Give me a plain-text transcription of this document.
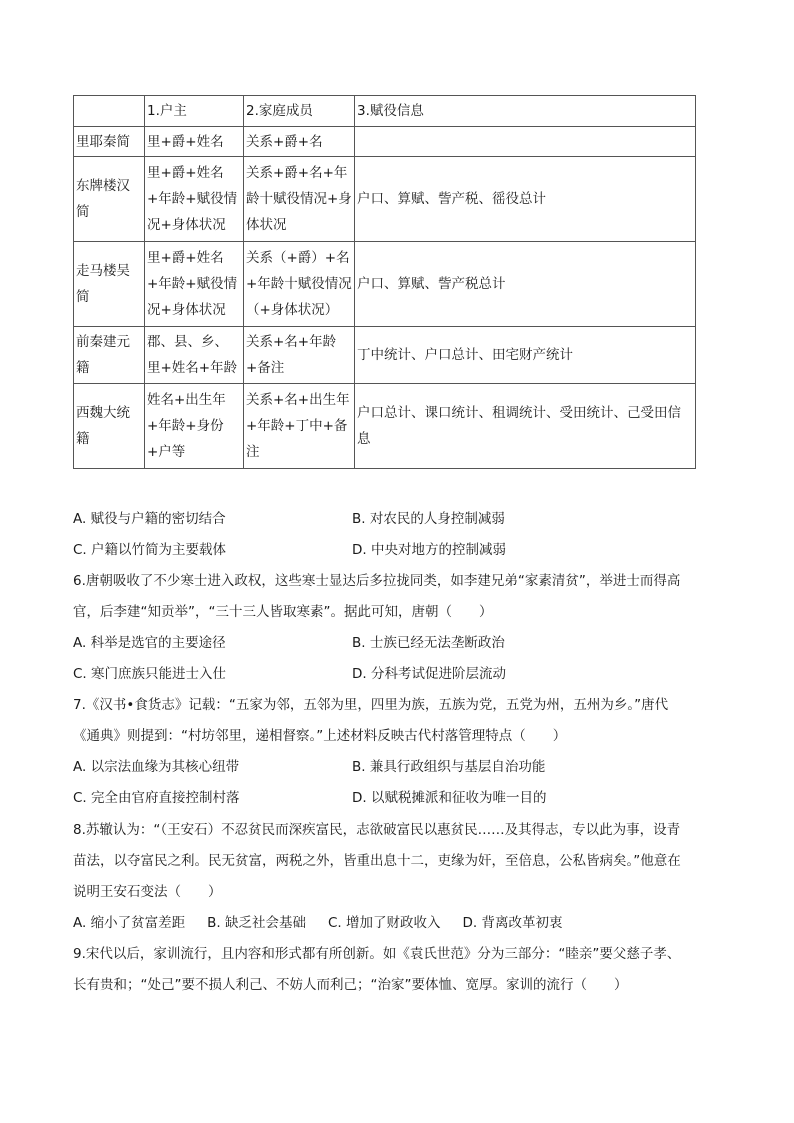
	1.户主	2.家庭成员	3.赋役信息
里耶秦简	里+爵+姓名	关系+爵+名	
东牌楼汉简	里+爵+姓名+年龄+赋役情况+身体状况	关系+爵+名+年龄十赋役情况+身体状况	户口、算赋、訾产税、徭役总计
走马楼吴简	里+爵+姓名+年龄+赋役情况+身体状况	关系（+爵）+名+年龄十赋役情况（+身体状况）	户口、算赋、訾产税总计
前秦建元籍	郡、县、乡、里+姓名+年龄	关系+名+年龄+备注	丁中统计、户口总计、田宅财产统计
西魏大统籍	姓名+出生年+年龄+身份+户等	关系+名+出生年+年龄+丁中+备注	户口总计、课口统计、租调统计、受田统计、己受田信息
A. 赋役与户籍的密切结合	B. 对农民的人身控制减弱
C. 户籍以竹简为主要载体	D. 中央对地方的控制减弱
6.唐朝吸收了不少寒士进入政权，这些寒士显达后多拉拢同类，如李建兄弟“家素清贫”，举进士而得高
官，后李建“知贡举”，“三十三人皆取寒素”。据此可知，唐朝（　　）
A. 科举是选官的主要途径	B. 士族已经无法垄断政治
C. 寒门庶族只能进士入仕	D. 分科考试促进阶层流动
7.《汉书•食货志》记载：“五家为邻，五邻为里，四里为族，五族为党，五党为州，五州为乡。”唐代
《通典》则提到：“村坊邻里，递相督察。”上述材料反映古代村落管理特点（　　）
A. 以宗法血缘为其核心纽带	B. 兼具行政组织与基层自治功能
C. 完全由官府直接控制村落	D. 以赋税摊派和征收为唯一目的
8.苏辙认为：“（王安石）不忍贫民而深疾富民，志欲破富民以惠贫民……及其得志，专以此为事，设青
苗法，以夺富民之利。民无贫富，两税之外，皆重出息十二，吏缘为奸，至倍息，公私皆病矣。”他意在
说明王安石变法（　　）
A. 缩小了贫富差距 B. 缺乏社会基础 C. 增加了财政收入 D. 背离改革初衷
9.宋代以后，家训流行，且内容和形式都有所创新。如《袁氏世范》分为三部分：“睦亲”要父慈子孝、
长有贵和；“处己”要不损人利己、不妨人而利己；“治家”要体恤、宽厚。家训的流行（　　）
